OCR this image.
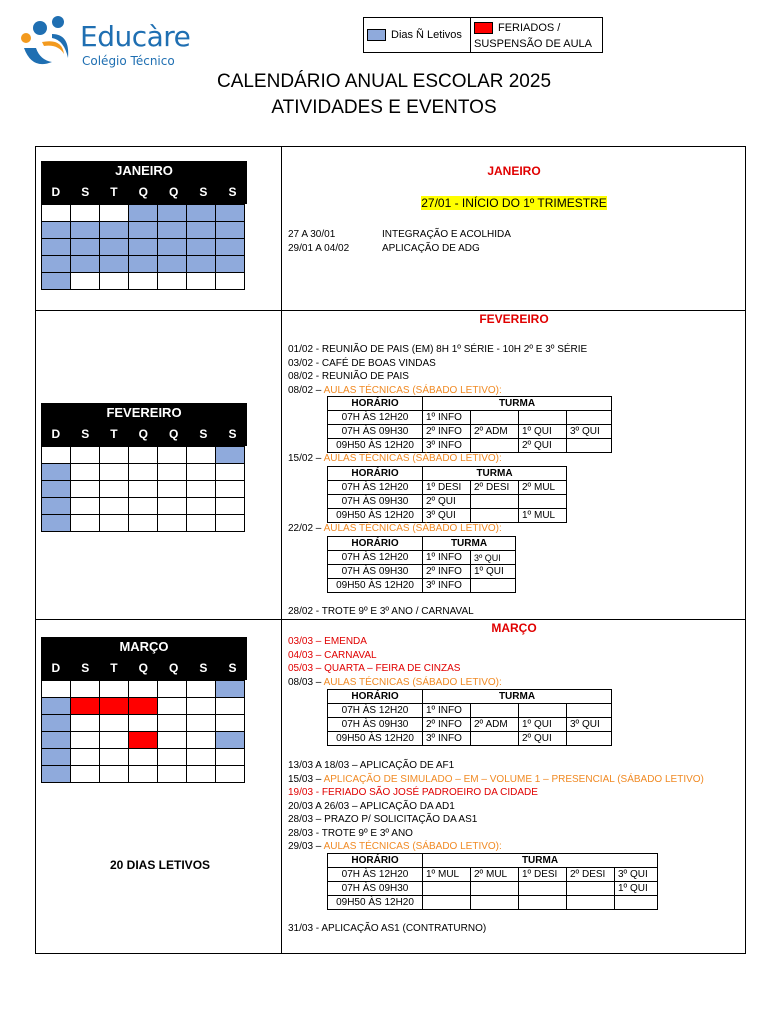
Educàre
Colégio Técnico
Dias Ñ Letivos
FERIADOS /
SUSPENSÃO DE AULA
CALENDÁRIO ANUAL ESCOLAR 2025
ATIVIDADES E EVENTOS
JANEIRO
D S T Q Q S S

FEVEREIRO
D S T Q Q S S

MARÇO
D S T Q Q S S

20 DIAS LETIVOS
JANEIRO
27/01 - INÍCIO DO 1º TRIMESTRE
27 A 30/01	INTEGRAÇÃO E ACOLHIDA
29/01 A 04/02	APLICAÇÃO DE ADG
FEVEREIRO
01/02 - REUNIÃO DE PAIS (EM) 8H 1º SÉRIE - 10H 2º E 3º SÉRIE
03/02 - CAFÉ DE BOAS VINDAS
08/02 - REUNIÃO DE PAIS
08/02 – AULAS TÉCNICAS (SÁBADO LETIVO):
HORÁRIO	TURMA			
07H ÀS 12H20	1º INFO			
07H ÀS 09H30	2º INFO	2º ADM	1º QUI	3º QUI
09H50 ÀS 12H20	3º INFO		2º QUI	
15/02 – AULAS TÉCNICAS (SÁBADO LETIVO):
HORÁRIO	TURMA		
07H ÀS 12H20	1º DESI	2º DESI	2º MUL
07H ÀS 09H30	2º QUI		
09H50 ÀS 12H20	3º QUI		1º MUL
22/02 – AULAS TÉCNICAS (SÁBADO LETIVO):
HORÁRIO	TURMA	
07H ÀS 12H20	1º INFO	3º QUI
07H ÀS 09H30	2º INFO	1º QUI
09H50 ÀS 12H20	3º INFO	
28/02 - TROTE 9º E 3º ANO / CARNAVAL
MARÇO
03/03 – EMENDA
04/03 – CARNAVAL
05/03 – QUARTA – FEIRA DE CINZAS
08/03 – AULAS TÉCNICAS (SÁBADO LETIVO):
HORÁRIO	TURMA			
07H ÀS 12H20	1º INFO			
07H ÀS 09H30	2º INFO	2º ADM	1º QUI	3º QUI
09H50 ÀS 12H20	3º INFO		2º QUI	
13/03 A 18/03 – APLICAÇÃO DE AF1
15/03 – APLICAÇÃO DE SIMULADO – EM – VOLUME 1 – PRESENCIAL (SÁBADO LETIVO)
19/03 - FERIADO SÃO JOSÉ PADROEIRO DA CIDADE
20/03 A 26/03 – APLICAÇÃO DA AD1
28/03 – PRAZO P/ SOLICITAÇÃO DA AS1
28/03 - TROTE 9º E 3º ANO
29/03 – AULAS TÉCNICAS (SÁBADO LETIVO):
HORÁRIO	TURMA				
07H ÀS 12H20	1º MUL	2º MUL	1º DESI	2º DESI	3º QUI
07H ÀS 09H30					1º QUI
09H50 ÀS 12H20					
31/03 - APLICAÇÃO AS1 (CONTRATURNO)
